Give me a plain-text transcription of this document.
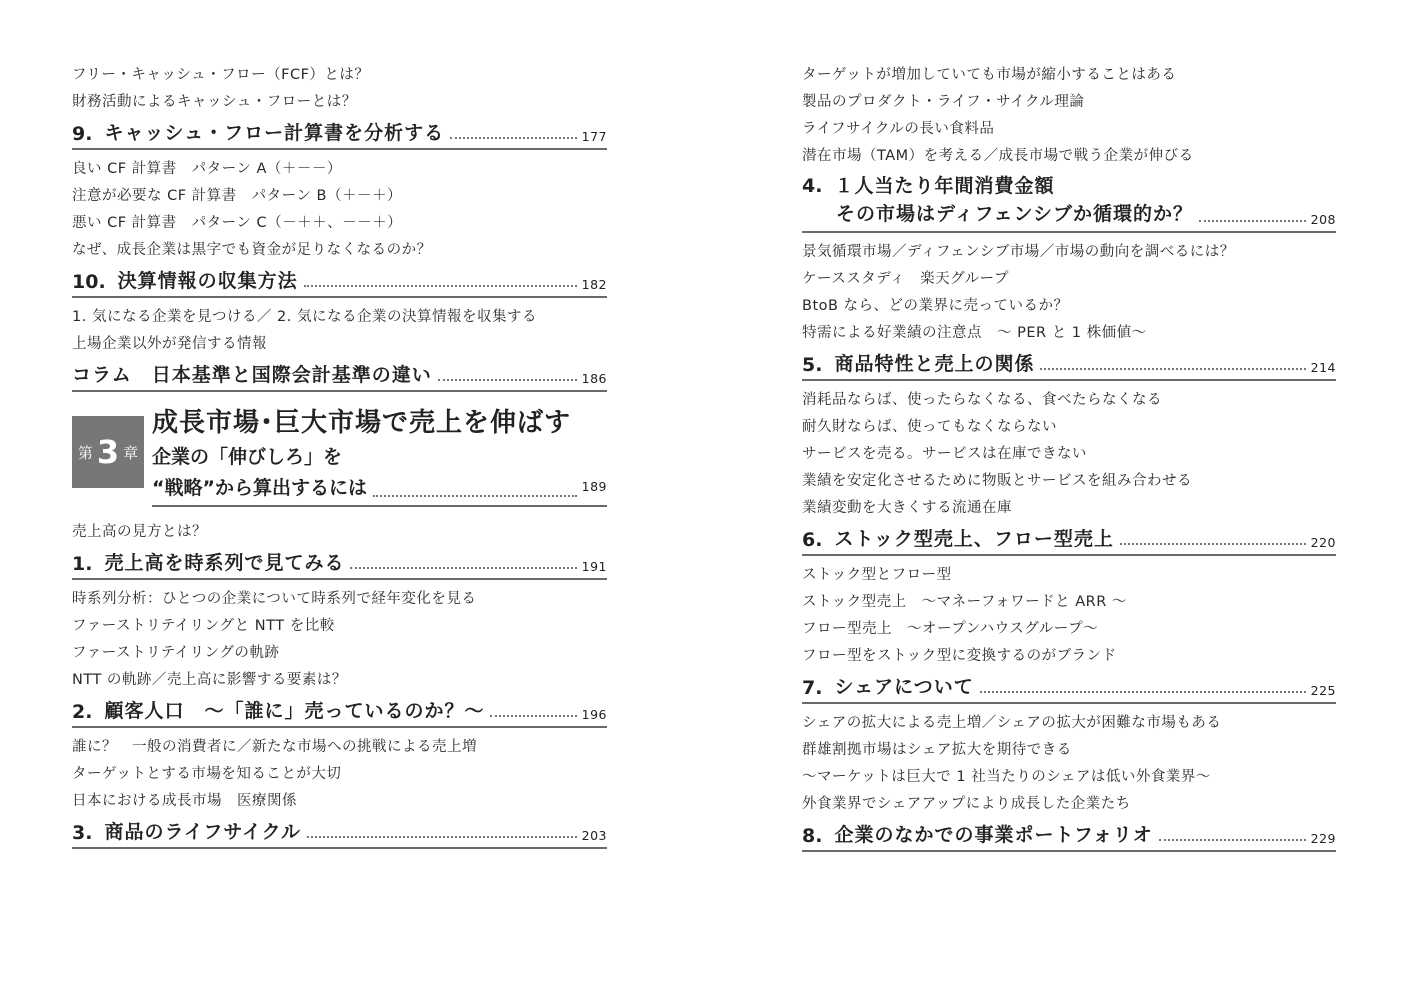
フリー・キャッシュ・フロー（FCF）とは？
財務活動によるキャッシュ・フローとは？
9. キャッシュ・フロー計算書を分析する	177
良い CF 計算書　パターン A（＋－－）
注意が必要な CF 計算書　パターン B（＋－＋）
悪い CF 計算書　パターン C（－＋＋、－－＋）
なぜ、成長企業は黒字でも資金が足りなくなるのか？
10. 決算情報の収集方法	182
1. 気になる企業を見つける／ 2. 気になる企業の決算情報を収集する
上場企業以外が発信する情報
コラム　日本基準と国際会計基準の違い	186
第 3 章
成長市場･巨大市場で売上を伸ばす
企業の「伸びしろ」を
“戦略”から算出するには	189
売上高の見方とは？
1. 売上高を時系列で見てみる	191
時系列分析：ひとつの企業について時系列で経年変化を見る
ファーストリテイリングと NTT を比較
ファーストリテイリングの軌跡
NTT の軌跡／売上高に影響する要素は？
2. 顧客人口　～「誰に」売っているのか？～	196
誰に？　一般の消費者に／新たな市場への挑戦による売上増
ターゲットとする市場を知ることが大切
日本における成長市場　医療関係
3. 商品のライフサイクル	203
ターゲットが増加していても市場が縮小することはある
製品のプロダクト・ライフ・サイクル理論
ライフサイクルの長い食料品
潜在市場（TAM）を考える／成長市場で戦う企業が伸びる
4. １人当たり年間消費金額
その市場はディフェンシブか循環的か？	208
景気循環市場／ディフェンシブ市場／市場の動向を調べるには？
ケーススタディ　楽天グループ
BtoB なら、どの業界に売っているか？
特需による好業績の注意点　～ PER と 1 株価値～
5. 商品特性と売上の関係	214
消耗品ならば、使ったらなくなる、食べたらなくなる
耐久財ならば、使ってもなくならない
サービスを売る。サービスは在庫できない
業績を安定化させるために物販とサービスを組み合わせる
業績変動を大きくする流通在庫
6. ストック型売上、フロー型売上	220
ストック型とフロー型
ストック型売上　～マネーフォワードと ARR ～
フロー型売上　～オープンハウスグループ～
フロー型をストック型に変換するのがブランド
7. シェアについて	225
シェアの拡大による売上増／シェアの拡大が困難な市場もある
群雄割拠市場はシェア拡大を期待できる
～マーケットは巨大で 1 社当たりのシェアは低い外食業界～
外食業界でシェアアップにより成長した企業たち
8. 企業のなかでの事業ポートフォリオ	229
